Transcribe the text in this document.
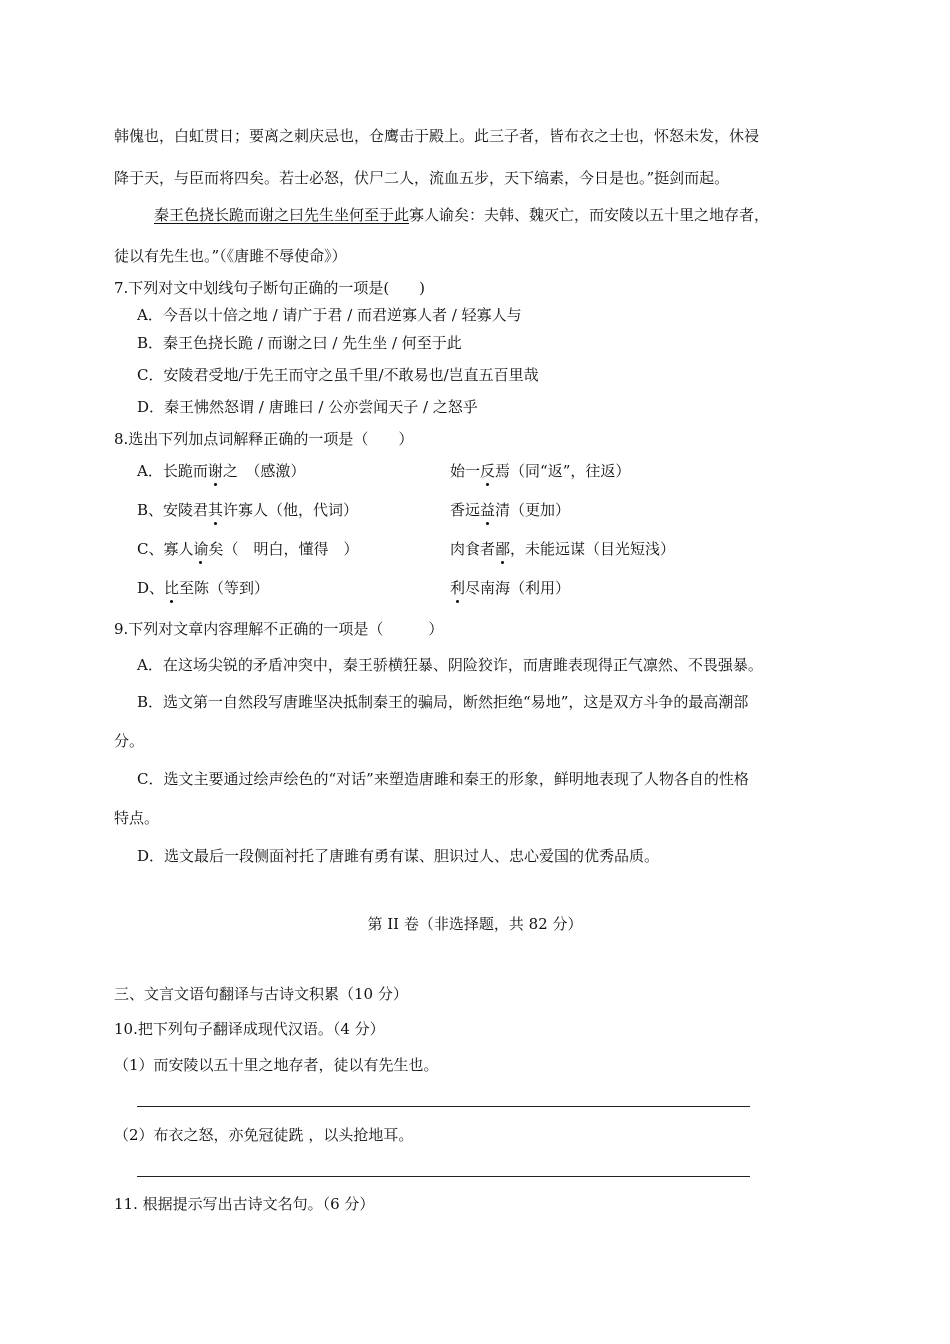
韩傀也，白虹贯日；要离之刺庆忌也，仓鹰击于殿上。此三子者，皆布衣之士也，怀怒未发，休祲
降于天，与臣而将四矣。若士必怒，伏尸二人，流血五步，天下缟素，今日是也。”挺剑而起。
秦王色挠长跪而谢之曰先生坐何至于此寡人谕矣：夫韩、魏灭亡，而安陵以五十里之地存者，
徒以有先生也。”（《唐雎不辱使命》）
7.下列对文中划线句子断句正确的一项是(　　)
A．今吾以十倍之地 / 请广于君 / 而君逆寡人者 / 轻寡人与
B．秦王色挠长跪 / 而谢之曰 / 先生坐 / 何至于此
C．安陵君受地/于先王而守之虽千里/不敢易也/岂直五百里哉
D．秦王怫然怒谓 / 唐雎曰 / 公亦尝闻天子 / 之怒乎
8.选出下列加点词解释正确的一项是（　　）
A．长跪而谢之　（感激）	始一反焉（同“返”，往返）
B、安陵君其许寡人（他，代词）	香远益清（更加）
C、寡人谕矣（　明白，懂得　）	肉食者鄙，未能远谋（目光短浅）
D、比至陈（等到）	利尽南海（利用）
9.下列对文章内容理解不正确的一项是（　　　）
A．在这场尖锐的矛盾冲突中，秦王骄横狂暴、阴险狡诈，而唐雎表现得正气凛然、不畏强暴。
B．选文第一自然段写唐雎坚决抵制秦王的骗局，断然拒绝“易地”，这是双方斗争的最高潮部
分。
C．选文主要通过绘声绘色的“对话”来塑造唐雎和秦王的形象，鲜明地表现了人物各自的性格
特点。
D．选文最后一段侧面衬托了唐雎有勇有谋、胆识过人、忠心爱国的优秀品质。
第 II 卷（非选择题，共 82 分）
三、文言文语句翻译与古诗文积累（10 分）
10.把下列句子翻译成现代汉语。（4 分）
（1）而安陵以五十里之地存者，徒以有先生也。
（2）布衣之怒，亦免冠徒跣 ，以头抢地耳。
11. 根据提示写出古诗文名句。（6 分）
